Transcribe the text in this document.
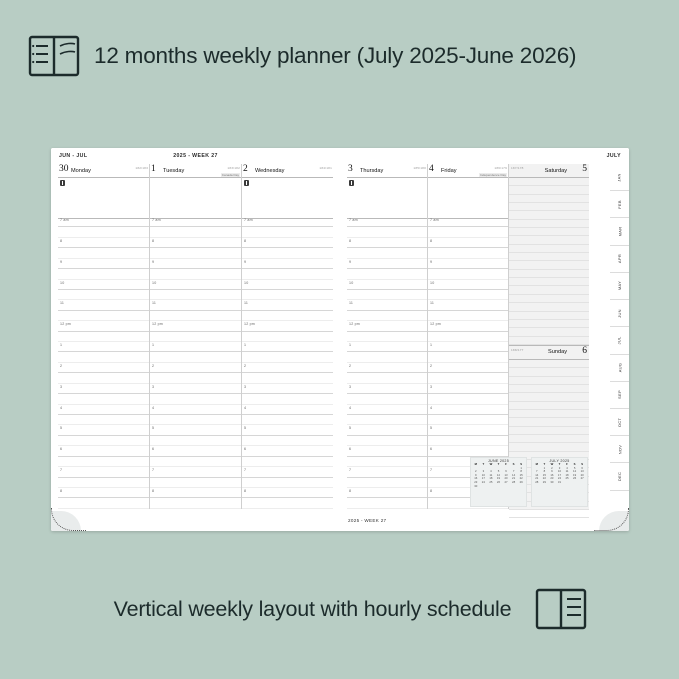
12 months weekly planner (July 2025-June 2026)
JUN - JUL	2025 - WEEK 27
30 Monday	182/183
7 am
8
9
10
11
12 pm
1
2
3
4
5
6
7
8
1 Tuesday	183/182
Canada Day
7 am
8
9
10
11
12 pm
1
2
3
4
5
6
7
8
2 Wednesday	184/181
7 am
8
9
10
11
12 pm
1
2
3
4
5
6
7
8
JULY
3 Thursday	185/180
7 am
8
9
10
11
12 pm
1
2
3
4
5
6
7
8
4 Friday	186/179
Independence Day
7 am
8
9
10
11
12 pm
1
2
3
4
5
6
7
8
Saturday 5
187/178
Sunday 6
188/177
JUNE 2025
M	T	W	T	F	S	S
						1
2	3	4	5	6	7	8
9	10	11	12	13	14	15
16	17	18	19	20	21	22
23	24	25	26	27	28	29
30						
JULY 2025
M	T	W	T	F	S	S
	1	2	3	4	5	6
7	8	9	10	11	12	13
14	15	16	17	18	19	20
21	22	23	24	25	26	27
28	29	30	31			

JAN
FEB
MAR
APR
MAY
JUN
JUL
AUG
SEP
OCT
NOV
DEC
2025 - WEEK 27
Vertical weekly layout with hourly schedule
